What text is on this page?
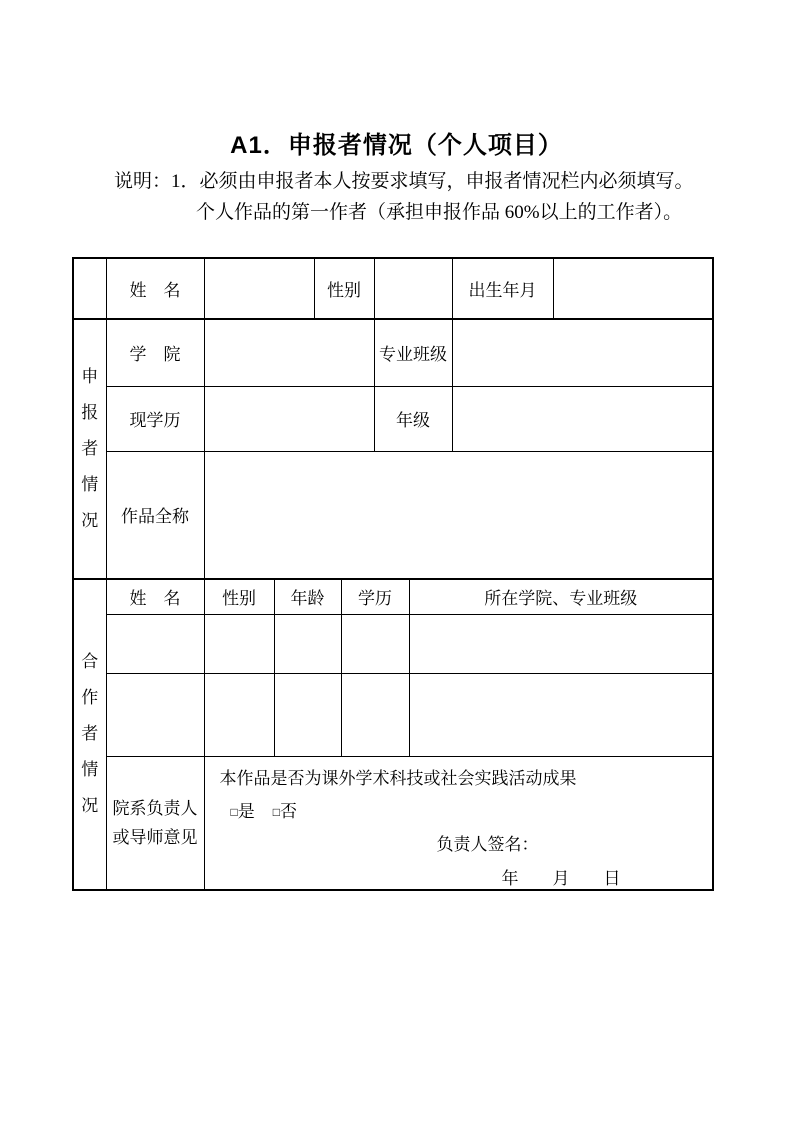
A1．申报者情况（个人项目）
说明：1．必须由申报者本人按要求填写，申报者情况栏内必须填写。
个人作品的第一作者（承担申报作品 60%以上的工作者）。
	姓　名			性别				出生年月	

申报者情况	学　院					专业班级			
	现学历					年级			
	作品全称								

合作者情况	姓　名	性别	年龄		学历		所在学院、专业班级		

院系负责人
或导师意见

本作品是否为课外学术科技或社会实践活动成果
□是 □否
负责人签名：
年　　月　　日
